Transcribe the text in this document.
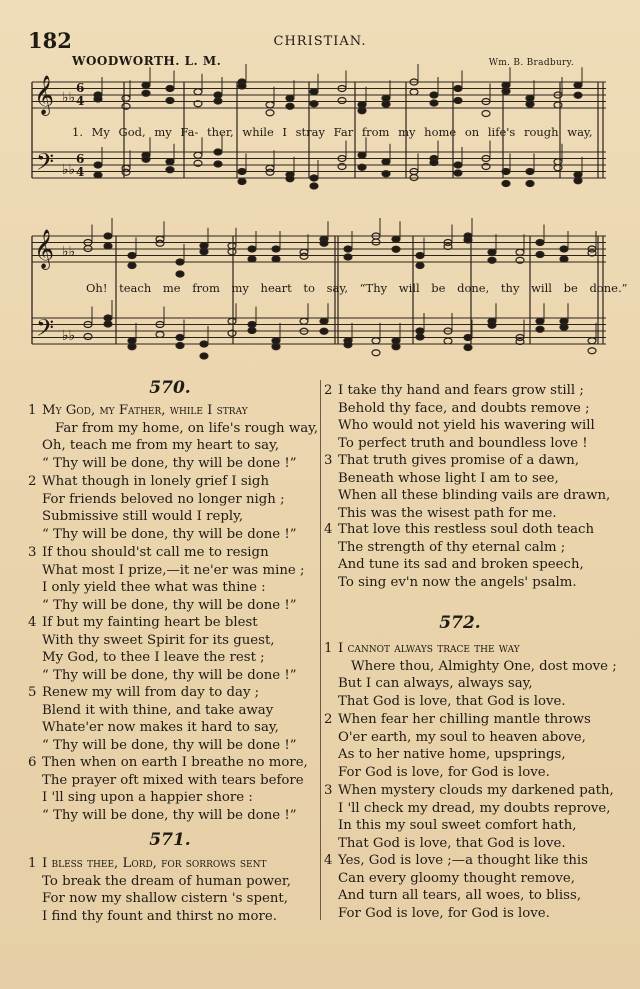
182	CHRISTIAN.
WOODWORTH. L. M.	Wm. B. Bradbury.
𝄞
𝄢
♭♭
♭♭
6
4
6
4
1. My God, my Fa- ther, while I stray Far from my home on life's rough way,
𝄞
𝄢
♭♭
♭♭
Oh! teach me from my heart to say, “Thy will be done, thy will be done.”
570.
1 My God, my Father, while I stray
Far from my home, on life's rough way,
Oh, teach me from my heart to say,
“ Thy will be done, thy will be done !”
2 What though in lonely grief I sigh
For friends beloved no longer nigh ;
Submissive still would I reply,
“ Thy will be done, thy will be done !”
3 If thou should'st call me to resign
What most I prize,—it ne'er was mine ;
I only yield thee what was thine :
“ Thy will be done, thy will be done !”
4 If but my fainting heart be blest
With thy sweet Spirit for its guest,
My God, to thee I leave the rest ;
“ Thy will be done, thy will be done !”
5 Renew my will from day to day ;
Blend it with thine, and take away
Whate'er now makes it hard to say,
“ Thy will be done, thy will be done !”
6 Then when on earth I breathe no more,
The prayer oft mixed with tears before
I 'll sing upon a happier shore :
“ Thy will be done, thy will be done !”
571.
1 I bless thee, Lord, for sorrows sent
To break the dream of human power,
For now my shallow cistern 's spent,
I find thy fount and thirst no more.
2 I take thy hand and fears grow still ;
Behold thy face, and doubts remove ;
Who would not yield his wavering will
To perfect truth and boundless love !
3 That truth gives promise of a dawn,
Beneath whose light I am to see,
When all these blinding vails are drawn,
This was the wisest path for me.
4 That love this restless soul doth teach
The strength of thy eternal calm ;
And tune its sad and broken speech,
To sing ev'n now the angels' psalm.
572.
1 I cannot always trace the way
Where thou, Almighty One, dost move ;
But I can always, always say,
That God is love, that God is love.
2 When fear her chilling mantle throws
O'er earth, my soul to heaven above,
As to her native home, upsprings,
For God is love, for God is love.
3 When mystery clouds my darkened path,
I 'll check my dread, my doubts reprove,
In this my soul sweet comfort hath,
That God is love, that God is love.
4 Yes, God is love ;—a thought like this
Can every gloomy thought remove,
And turn all tears, all woes, to bliss,
For God is love, for God is love.
